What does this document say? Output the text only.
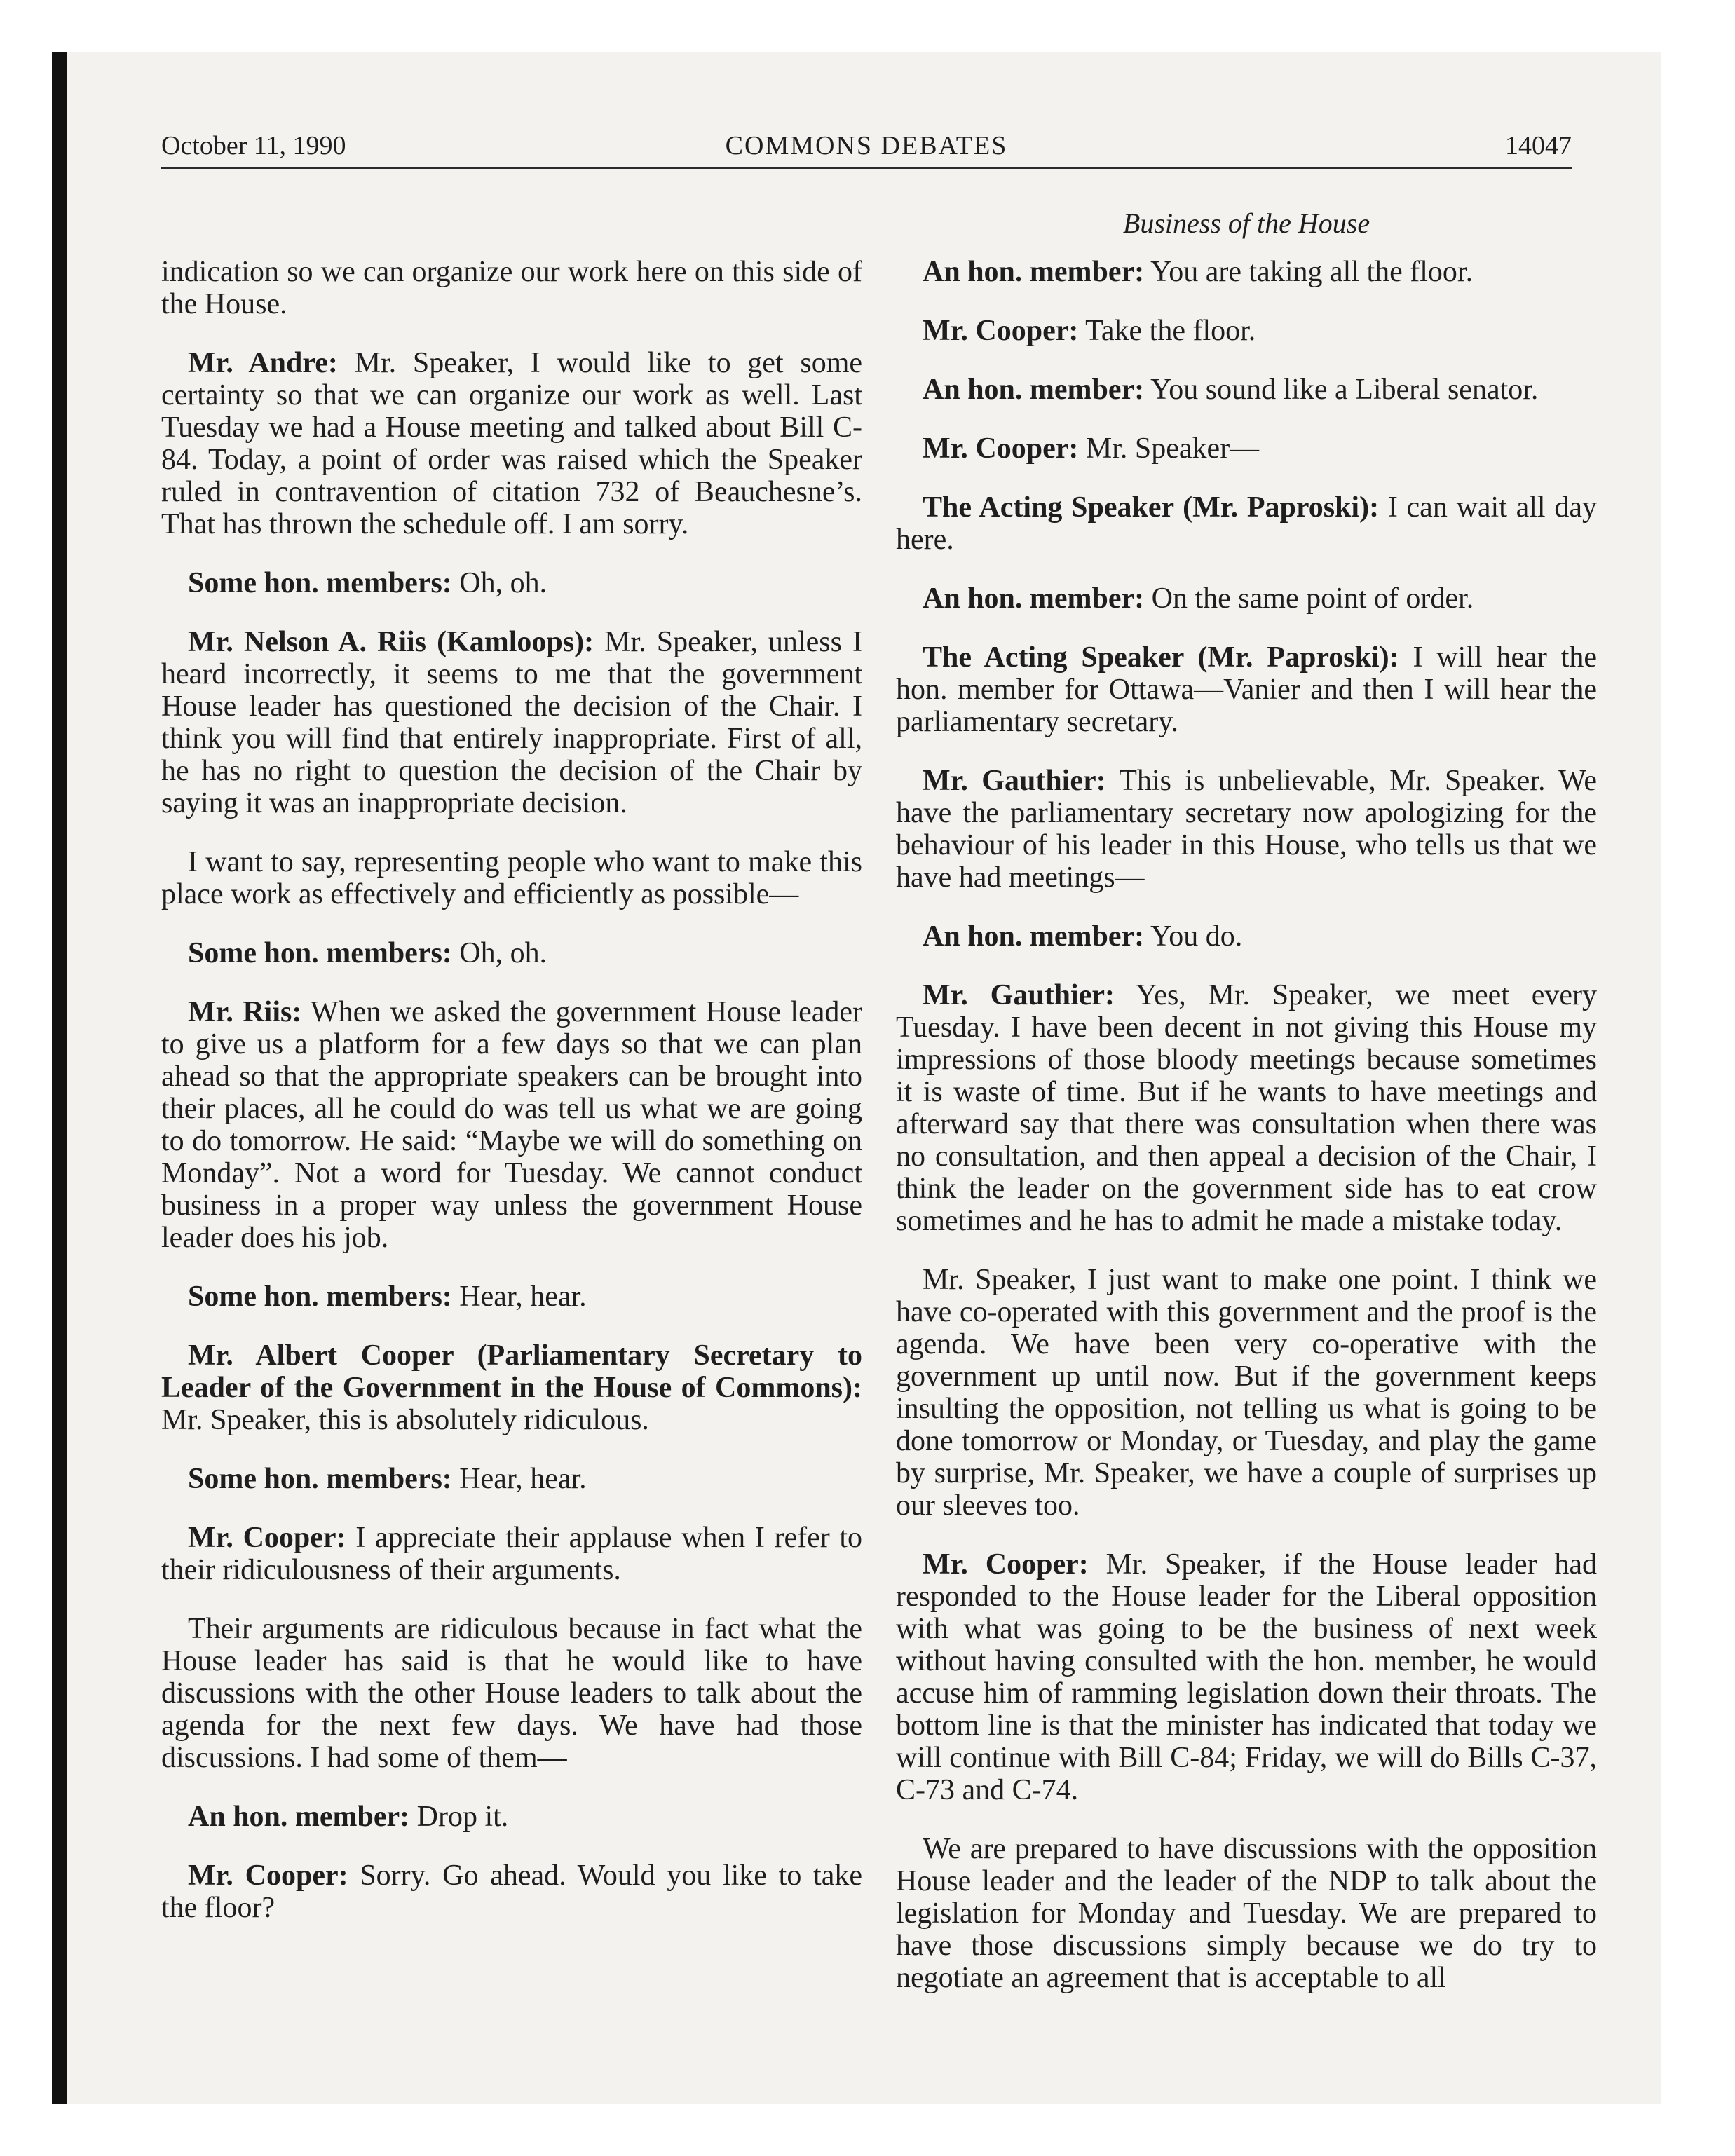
October 11, 1990	COMMONS DEBATES	14047
Business of the House

indication so we can organize our work here on this side of the House.

Mr. Andre: Mr. Speaker, I would like to get some certainty so that we can organize our work as well. Last Tuesday we had a House meeting and talked about Bill C-84. Today, a point of order was raised which the Speaker ruled in contravention of citation 732 of Beauchesne’s. That has thrown the schedule off. I am sorry.

Some hon. members: Oh, oh.

Mr. Nelson A. Riis (Kamloops): Mr. Speaker, unless I heard incorrectly, it seems to me that the government House leader has questioned the decision of the Chair. I think you will find that entirely inappropriate. First of all, he has no right to question the decision of the Chair by saying it was an inappropriate decision.

I want to say, representing people who want to make this place work as effectively and efficiently as possible—

Some hon. members: Oh, oh.

Mr. Riis: When we asked the government House leader to give us a platform for a few days so that we can plan ahead so that the appropriate speakers can be brought into their places, all he could do was tell us what we are going to do tomorrow. He said: “Maybe we will do something on Monday”. Not a word for Tuesday. We cannot conduct business in a proper way unless the government House leader does his job.

Some hon. members: Hear, hear.

Mr. Albert Cooper (Parliamentary Secretary to Leader of the Government in the House of Commons): Mr. Speaker, this is absolutely ridiculous.

Some hon. members: Hear, hear.

Mr. Cooper: I appreciate their applause when I refer to their ridiculousness of their arguments.

Their arguments are ridiculous because in fact what the House leader has said is that he would like to have discussions with the other House leaders to talk about the agenda for the next few days. We have had those discussions. I had some of them—

An hon. member: Drop it.

Mr. Cooper: Sorry. Go ahead. Would you like to take the floor?

An hon. member: You are taking all the floor.

Mr. Cooper: Take the floor.

An hon. member: You sound like a Liberal senator.

Mr. Cooper: Mr. Speaker—

The Acting Speaker (Mr. Paproski): I can wait all day here.

An hon. member: On the same point of order.

The Acting Speaker (Mr. Paproski): I will hear the hon. member for Ottawa—Vanier and then I will hear the parliamentary secretary.

Mr. Gauthier: This is unbelievable, Mr. Speaker. We have the parliamentary secretary now apologizing for the behaviour of his leader in this House, who tells us that we have had meetings—

An hon. member: You do.

Mr. Gauthier: Yes, Mr. Speaker, we meet every Tuesday. I have been decent in not giving this House my impressions of those bloody meetings because sometimes it is waste of time. But if he wants to have meetings and afterward say that there was consultation when there was no consultation, and then appeal a decision of the Chair, I think the leader on the government side has to eat crow sometimes and he has to admit he made a mistake today.

Mr. Speaker, I just want to make one point. I think we have co-operated with this government and the proof is the agenda. We have been very co-operative with the government up until now. But if the government keeps insulting the opposition, not telling us what is going to be done tomorrow or Monday, or Tuesday, and play the game by surprise, Mr. Speaker, we have a couple of surprises up our sleeves too.

Mr. Cooper: Mr. Speaker, if the House leader had responded to the House leader for the Liberal opposition with what was going to be the business of next week without having consulted with the hon. member, he would accuse him of ramming legislation down their throats. The bottom line is that the minister has indicated that today we will continue with Bill C-84; Friday, we will do Bills C-37, C-73 and C-74.

We are prepared to have discussions with the opposition House leader and the leader of the NDP to talk about the legislation for Monday and Tuesday. We are prepared to have those discussions simply because we do try to negotiate an agreement that is acceptable to all
